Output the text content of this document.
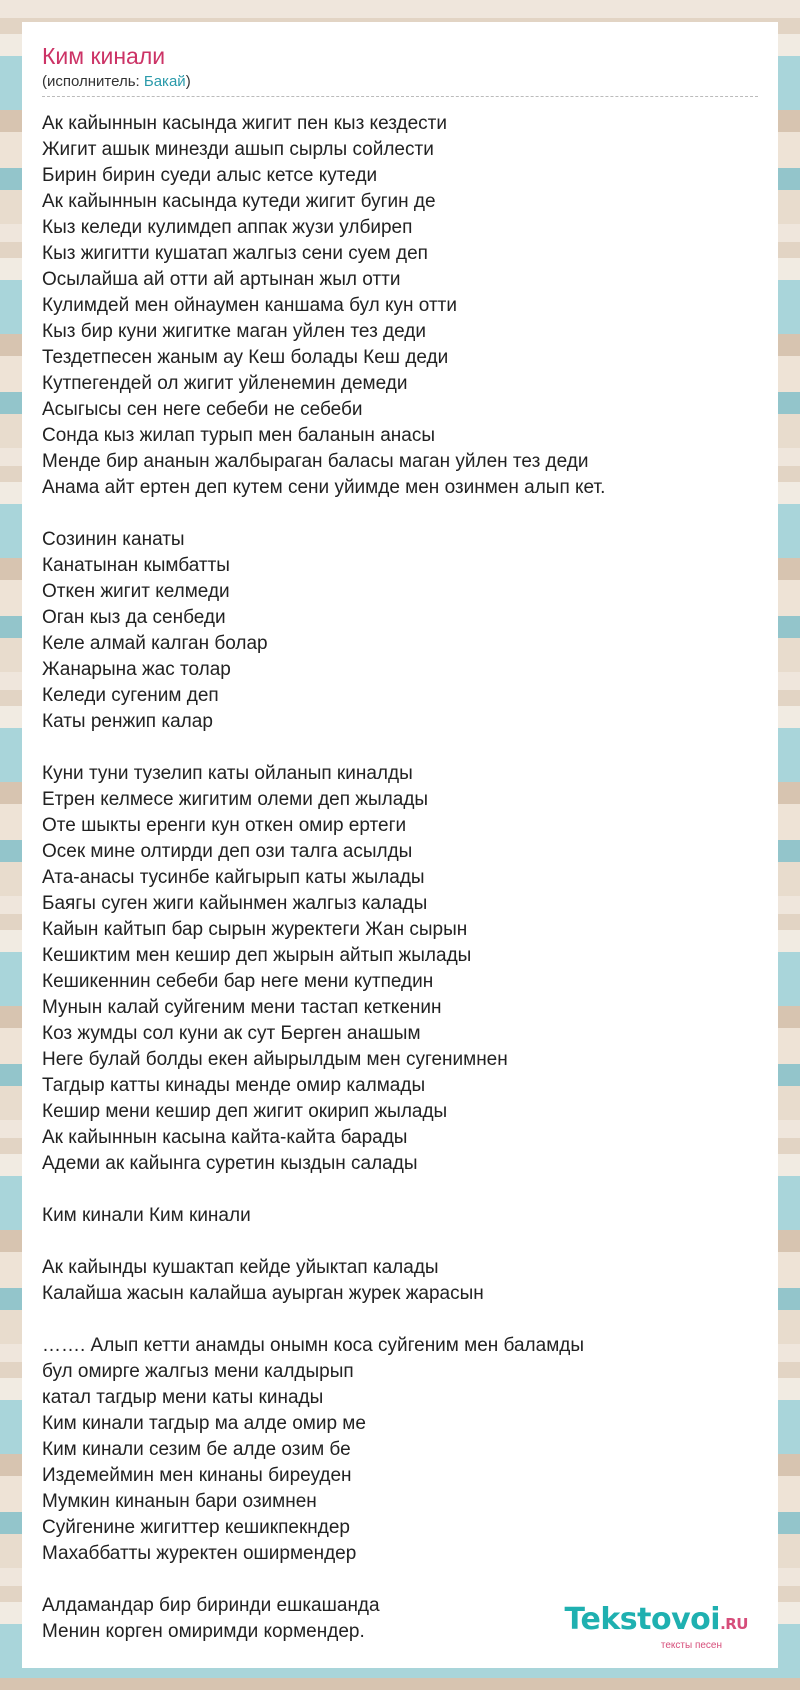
Ким кинали
(исполнитель: Бакай)
Ак кайыннын касында жигит пен кыз кездести
Жигит ашык минезди ашып сырлы сойлести
Бирин бирин суеди алыс кетсе кутеди
Ак кайыннын касында кутеди жигит бугин де
Кыз келеди кулимдеп аппак жузи улбиреп
Кыз жигитти кушатап жалгыз сени суем деп
Осылайша ай отти ай артынан жыл отти
Кулимдей мен ойнаумен каншама бул кун отти
Кыз бир куни жигитке маган уйлен тез деди
Тездетпесен жаным ау Кеш болады Кеш деди
Кутпегендей ол жигит уйленемин демеди
Асыгысы сен неге себеби не себеби
Сонда кыз жилап турып мен баланын анасы
Менде бир ананын жалбыраган баласы маган уйлен тез деди
Анама айт ертен деп кутем сени уйимде мен озинмен алып кет.
Созинин канаты
Канатынан кымбатты
Откен жигит келмеди
Оган кыз да сенбеди
Келе алмай калган болар
Жанарына жас толар
Келеди сугеним деп
Каты ренжип калар
Куни туни тузелип каты ойланып киналды
Етрен келмесе жигитим олеми деп жылады
Оте шыкты еренги кун откен омир ертеги
Осек мине олтирди деп ози талга асылды
Ата-анасы тусинбе кайгырып каты жылады
Баягы суген жиги кайынмен жалгыз калады
Кайын кайтып бар сырын журектеги Жан сырын
Кешиктим мен кешир деп жырын айтып жылады
Кешикеннин себеби бар неге мени кутпедин
Мунын калай суйгеним мени тастап кеткенин
Коз жумды сол куни ак сут Берген анашым
Неге булай болды екен айырылдым мен сугенимнен
Тагдыр катты кинады менде омир калмады
Кешир мени кешир деп жигит окирип жылады
Ак кайыннын касына кайта-кайта барады
Адеми ак кайынга суретин кыздын салады
Ким кинали Ким кинали
Ак кайынды кушактап кейде уйыктап калады
Калайша жасын калайша ауырган журек жарасын
……. Алып кетти анамды онымн коса суйгеним мен баламды
бул омирге жалгыз мени калдырып
катал тагдыр мени каты кинады
Ким кинали тагдыр ма алде омир ме
Ким кинали сезим бе алде озим бе
Издемеймин мен кинаны биреуден
Мумкин кинанын бари озимнен
Суйгенине жигиттер кешикпекндер
Махаббатты журектен оширмендер
Алдамандар бир биринди ешкашанда
Менин корген омиримди кормендер.	Tekstovoi.RU
тексты песен
